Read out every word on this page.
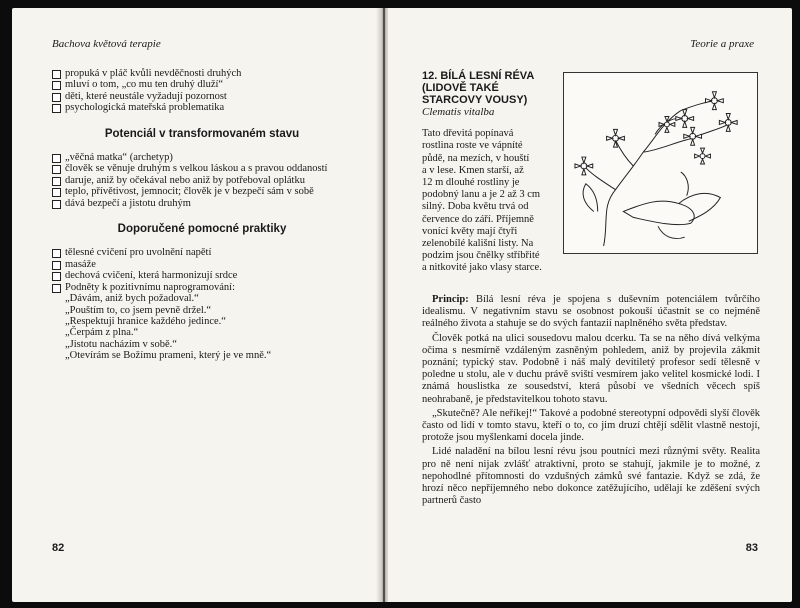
Bachova květová terapie
propuká v pláč kvůli nevděčnosti druhých
mluví o tom, „co mu ten druhý dluží“
děti, které neustále vyžadují pozornost
psychologická mateřská problematika
Potenciál v transformovaném stavu
„věčná matka“ (archetyp)
člověk se věnuje druhým s velkou láskou a s pravou oddaností
daruje, aniž by očekával nebo aniž by potřeboval oplátku
teplo, přívětivost, jemnocit; člověk je v bezpečí sám v sobě
dává bezpečí a jistotu druhým
Doporučené pomocné praktiky
tělesné cvičení pro uvolnění napětí
masáže
dechová cvičení, která harmonizují srdce
Podněty k pozitivnímu naprogramování:
„Dávám, aniž bych požadoval.“
„Pouštím to, co jsem pevně držel.“
„Respektuji hranice každého jedince.“
„Čerpám z plna.“
„Jistotu nacházím v sobě.“
„Otevírám se Božímu prameni, který je ve mně.“
82
Teorie a praxe
12. BÍLÁ LESNÍ RÉVA
(LIDOVĚ TAKÉ
STARCOVY VOUSY)
Clematis vitalba
Tato dřevitá popínavá
rostlina roste ve vápníté
půdě, na mezích, v houští
a v lese. Kmen starší, až
12 m dlouhé rostliny je
podobný lanu a je 2 až 3 cm
silný. Doba květu trvá od
července do září. Příjemně
vonící květy mají čtyři
zelenobílé kališní listy. Na
podzim jsou čnělky stříbřité
a nitkovité jako vlasy starce.

Princip: Bílá lesní réva je spojena s duševním potenciálem tvůrčího idealismu. V negativním stavu se osobnost pokouší účastnit se co nejméně reálného života a stahuje se do svých fantazií naplněného světa představ.

Člověk potká na ulici sousedovu malou dcerku. Ta se na něho dívá velkýma očima s nesmírně vzdáleným zasněným pohledem, aniž by projevila zákmit poznání; typický stav. Podobně i náš malý devítiletý profesor sedí tělesně v poledne u stolu, ale v duchu právě sviští vesmírem jako velitel kosmické lodi. I známá houslistka ze sousedství, která působí ve všedních věcech spíš neohrabaně, je představitelkou tohoto stavu.

„Skutečně? Ale neříkej!“ Takové a podobné stereotypní odpovědi slyší člověk často od lidí v tomto stavu, kteří o to, co jim druzí chtějí sdělit vlastně nestojí, protože jsou myšlenkami docela jinde.

Lidé naladění na bílou lesní révu jsou poutníci mezi různými světy. Realita pro ně není nijak zvlášť atraktivní, proto se stahují, jakmile je to možné, z nepohodlné přítomnosti do vzdušných zámků své fantazie. Když se zdá, že hrozí něco nepříjemného nebo dokonce zatěžujícího, udělají ke zděšení svých partnerů často

83
